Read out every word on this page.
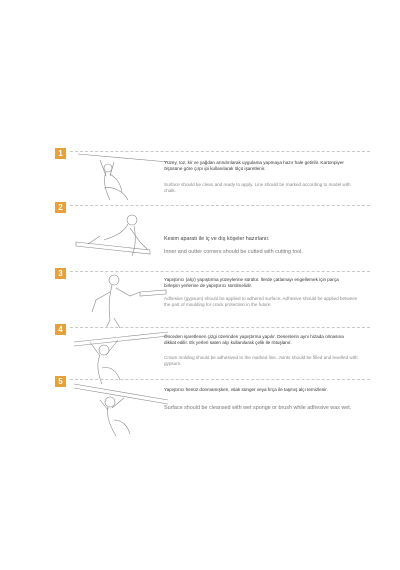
1
Yüzey, toz, kir ve yağdan arındırılarak uygulama yapmaya hazır hale getirilir. Kartonpiyer ölçüsüne göre çırpı ipi kullanılarak ölçü işaretlenir.
Surface should be clean and ready to apply. Line should be marked according to model with chalk.
2
Kesim aparatı ile iç ve dış köşeler hazırlanır.
Inner and outter corners should be cutted with cutting tool.
3
Yapıştırıcı (alçı) yapıştırma yüzeylerine sürülür. İlerde çatlamayı engellemek için parça birleşim yerlerine de yapıştırıcı sürülmelidir.
Adhesive (gypsum) should be applied to adhered surface. Adhesive should be applied between the part of moulding for crack protection in the future.
4
Önceden işaretlenen çizgi üzerinden yapıştırma yapılır. Desenlerin aynı hizada olmasına dikkat edilir. Ek yerleri saten alçı kullanılarak çelik ile rötuşlanır.
Crown molding should be adhesived to the marked line. Joints should be filled and levelled with gypsum.
5
Yapıştırıcı henüz donmamışken, ıslak sünger veya fırça ile taşmış alçı temizlenir.
Surface should be cleansed with wet sponge or brush while adhesive was wet.
